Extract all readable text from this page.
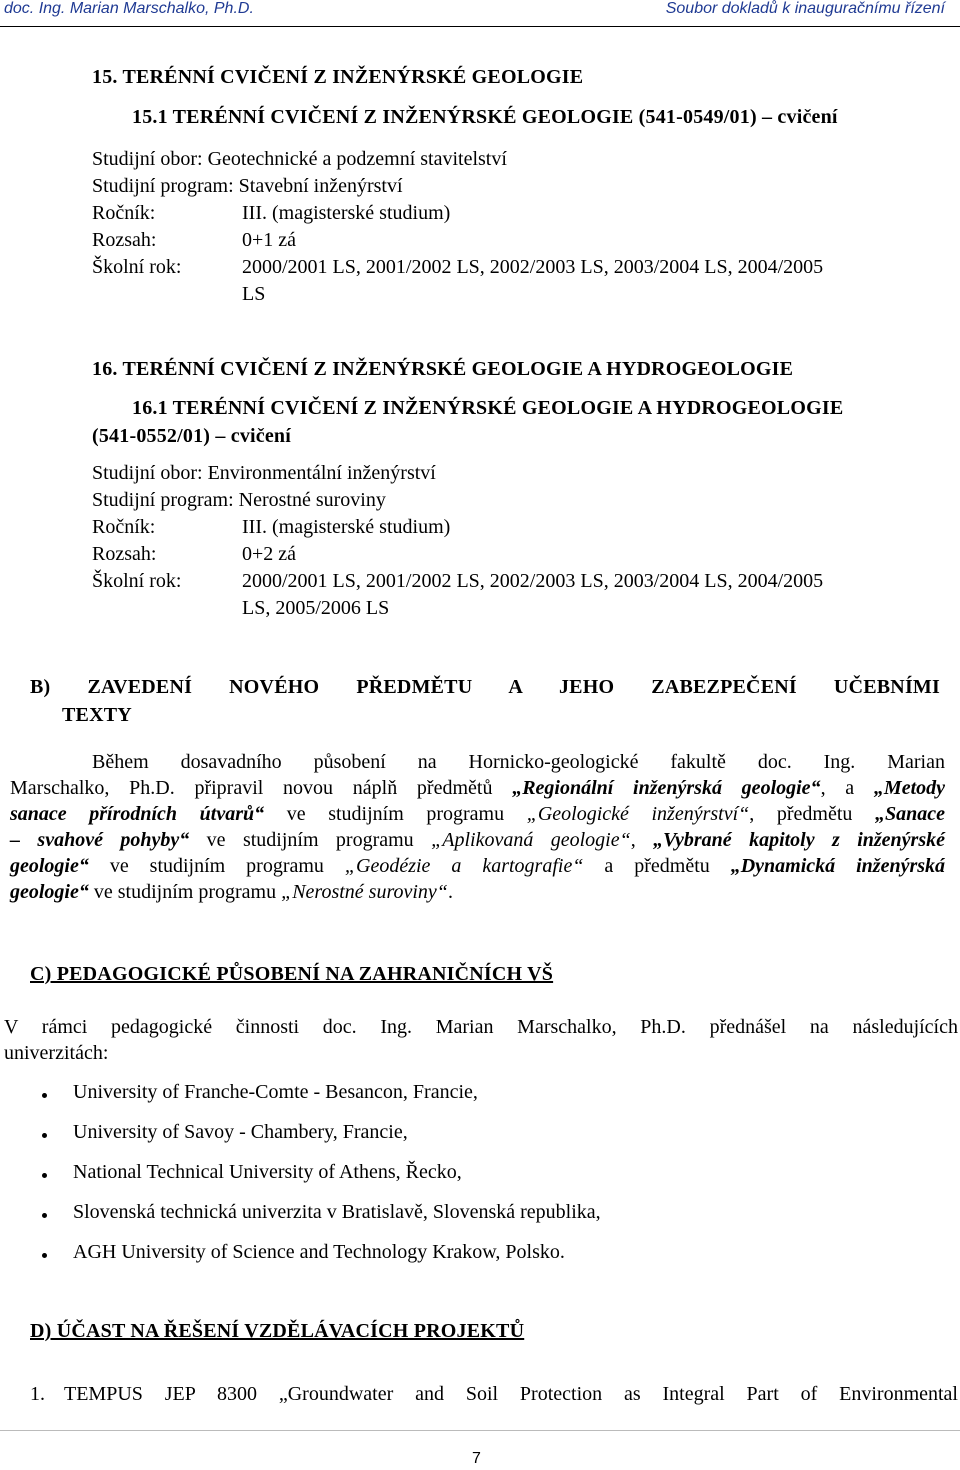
doc. Ing. Marian Marschalko, Ph.D.	Soubor dokladů k inauguračnímu řízení
15. TERÉNNÍ CVIČENÍ Z INŽENÝRSKÉ GEOLOGIE
15.1 TERÉNNÍ CVIČENÍ Z INŽENÝRSKÉ GEOLOGIE (541-0549/01) – cvičení
Studijní obor: Geotechnické a podzemní stavitelství
Studijní program: Stavební inženýrství
Ročník:	III. (magisterské studium)
Rozsah:	0+1 zá
Školní rok:	2000/2001 LS, 2001/2002 LS, 2002/2003 LS, 2003/2004 LS, 2004/2005
LS
16. TERÉNNÍ CVIČENÍ Z INŽENÝRSKÉ GEOLOGIE A HYDROGEOLOGIE
16.1 TERÉNNÍ CVIČENÍ Z INŽENÝRSKÉ GEOLOGIE A HYDROGEOLOGIE
(541-0552/01) – cvičení
Studijní obor: Environmentální inženýrství
Studijní program: Nerostné suroviny
Ročník:	III. (magisterské studium)
Rozsah:	0+2 zá
Školní rok:	2000/2001 LS, 2001/2002 LS, 2002/2003 LS, 2003/2004 LS, 2004/2005
LS, 2005/2006 LS
B) ZAVEDENÍ NOVÉHO PŘEDMĚTU A JEHO ZABEZPEČENÍ UČEBNÍMI
TEXTY
Během dosavadního působení na Hornicko-geologické fakultě doc. Ing. Marian
Marschalko, Ph.D. připravil novou náplň předmětů „Regionální inženýrská geologie“, a „Metody
sanace přírodních útvarů“ ve studijním programu „Geologické inženýrství“, předmětu „Sanace
– svahové pohyby“ ve studijním programu „Aplikovaná geologie“, „Vybrané kapitoly z inženýrské
geologie“ ve studijním programu „Geodézie a kartografie“ a předmětu „Dynamická inženýrská
geologie“ ve studijním programu „Nerostné suroviny“.
C) PEDAGOGICKÉ PŮSOBENÍ NA ZAHRANIČNÍCH VŠ
V rámci pedagogické činnosti doc. Ing. Marian Marschalko, Ph.D. přednášel na následujících
univerzitách:
University of Franche-Comte - Besancon, Francie,
University of Savoy - Chambery, Francie,
National Technical University of Athens, Řecko,
Slovenská technická univerzita v Bratislavě, Slovenská republika,
AGH University of Science and Technology Krakow, Polsko.
D) ÚČAST NA ŘEŠENÍ VZDĚLÁVACÍCH PROJEKTŮ
1. TEMPUS JEP 8300 „Groundwater and Soil Protection as Integral Part of Environmental
7
